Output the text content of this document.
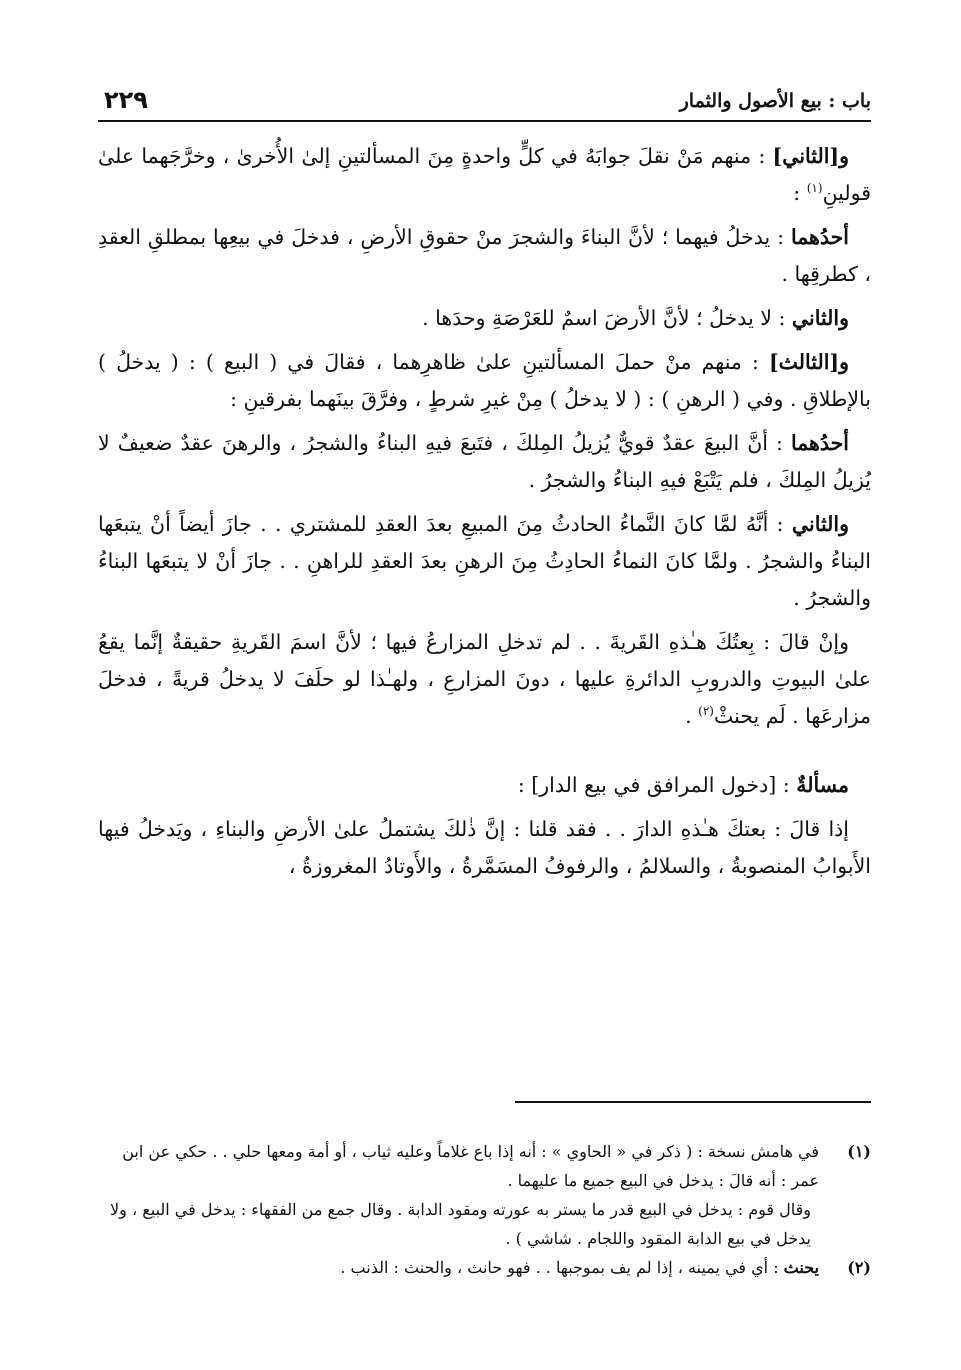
٢٢٩	باب : بيع الأصول والثمار

و[الثاني] : منهم مَنْ نقلَ جوابَهُ في كلٍّ واحدةٍ مِنَ المسألتينِ إلىٰ الأُخرىٰ ، وخرَّجَهما علىٰ قولينِ$^{(١)}$ :

أحدُهما : يدخلُ فيهما ؛ لأنَّ البناءَ والشجرَ منْ حقوقِ الأرضِ ، فدخلَ في بيعِها بمطلقِ العقدِ ، كطرقِها .

والثاني : لا يدخلُ ؛ لأنَّ الأرضَ اسمٌ للعَرْصَةِ وحدَها .

و[الثالث] : منهم منْ حملَ المسألتينِ علىٰ ظاهرِهما ، فقالَ في ( البيع ) : ( يدخلُ ) بالإطلاقِ . وفي ( الرهنِ ) : ( لا يدخلُ ) مِنْ غيرِ شرطٍ ، وفرَّقَ بينَهما بفرقينِ :

أحدُهما : أنَّ البيعَ عقدٌ قويٌّ يُزيلُ المِلكَ ، فتَبعَ فيهِ البناءُ والشجرُ ، والرهنَ عقدٌ ضعيفٌ لا يُزيلُ المِلكَ ، فلم يَتْبَعْ فيهِ البناءُ والشجرُ .

والثاني : أنَّهُ لمَّا كانَ النَّماءُ الحادثُ مِنَ المبيعِ بعدَ العقدِ للمشتري . . جازَ أيضاً أنْ يتبعَها البناءُ والشجرُ . ولمَّا كانَ النماءُ الحادِثُ مِنَ الرهنِ بعدَ العقدِ للراهنِ . . جازَ أنْ لا يتبعَها البناءُ والشجرُ .

وإنْ قالَ : بِعتُكَ هـٰذهِ القَريةَ . . لم تدخلِ المزارعُ فيها ؛ لأنَّ اسمَ القَريةِ حقيقةٌ إنَّما يقعُ علىٰ البيوتِ والدروبِ الدائرةِ عليها ، دونَ المزارعِ ، ولهـٰذا لو حلَفَ لا يدخلُ قريةً ، فدخلَ مزارعَها . لَم يحنثْ$^{(٢)}$ .

مسألةٌ : [دخول المرافق في بيع الدار] :

إذا قالَ : بعتكَ هـٰذهِ الدارَ . . فقد قلنا : إنَّ ذٰلكَ يشتملُ علىٰ الأرضِ والبناءِ ، ويَدخلُ فيها الأَبوابُ المنصوبةُ ، والسلالمُ ، والرفوفُ المسَمَّرةُ ، والأَوتادُ المغروزةُ ،

(١)
في هامش نسخة : ( ذكر في « الحاوي » : أنه إذا باع غلاماً وعليه ثياب ، أو أمة ومعها حلي . . حكي عن ابن عمر : أنه قالَ : يدخل في البيع جميع ما عليهما .
وقال قوم : يدخل في البيع قدر ما يستر به عورته ومقود الدابة . وقال جمع من الفقهاء : يدخل في البيع ، ولا يدخل في بيع الدابة المقود واللجام . شاشي ) .
(٢)
يحنث : أي في يمينه ، إذا لم يف بموجبها . . فهو حانث ، والحنث : الذنب .
